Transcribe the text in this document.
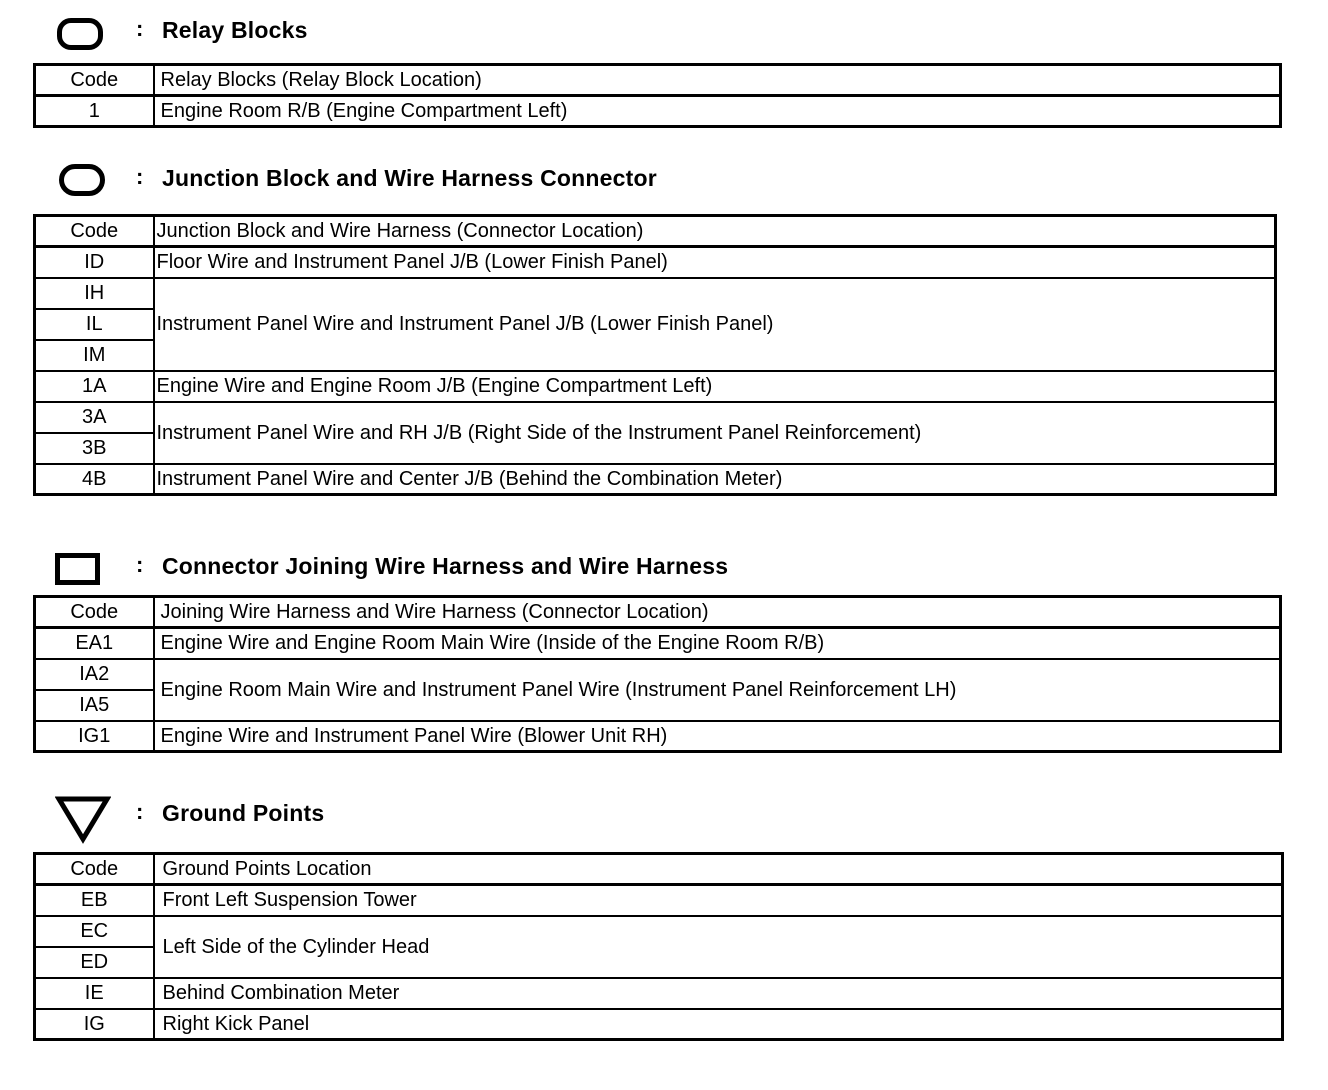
: Relay Blocks
Code	Relay Blocks (Relay Block Location)
1	Engine Room R/B (Engine Compartment Left)
: Junction Block and Wire Harness Connector
Code	Junction Block and Wire Harness (Connector Location)
ID	Floor Wire and Instrument Panel J/B (Lower Finish Panel)
IH	Instrument Panel Wire and Instrument Panel J/B (Lower Finish Panel)
IL	
IM	
1A	Engine Wire and Engine Room J/B (Engine Compartment Left)
3A	Instrument Panel Wire and RH J/B (Right Side of the Instrument Panel Reinforcement)
3B	
4B	Instrument Panel Wire and Center J/B (Behind the Combination Meter)
: Connector Joining Wire Harness and Wire Harness
Code	Joining Wire Harness and Wire Harness (Connector Location)
EA1	Engine Wire and Engine Room Main Wire (Inside of the Engine Room R/B)
IA2	Engine Room Main Wire and Instrument Panel Wire (Instrument Panel Reinforcement LH)
IA5	
IG1	Engine Wire and Instrument Panel Wire (Blower Unit RH)
: Ground Points
Code	Ground Points Location
EB	Front Left Suspension Tower
EC	Left Side of the Cylinder Head
ED	
IE	Behind Combination Meter
IG	Right Kick Panel
